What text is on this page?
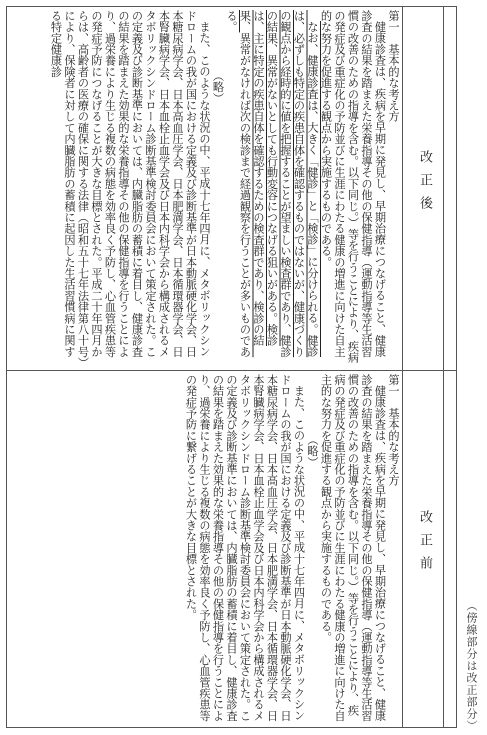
改正後
改正前
（傍線部分は改正部分）
第一　基本的な考え方
健康診査は、疾病を早期に発見し、早期治療につなげること、健康診査の結果を踏まえた栄養指導その他の保健指導（運動指導等生活習慣の改善のための指導を含む。以下同じ。）等を行うことにより、疾病の発症及び重症化の予防並びに生涯にわたる健康の増進に向けた自主的な努力を促進する観点から実施するものである。
なお、健康診査は、大きく「健診」と「検診」に分けられる。健診は、必ずしも特定の疾患自体を確認するものではないが、健康づくりの観点から経時的に値を把握することが望ましい検査群であり、健診の結果、異常がないとしても行動変容につなげる狙いがある。検診は、主に特定の疾患自体を確認するための検査群であり、検診の結果、異常がなければ次の検診まで経過観察を行うことが多いものである。
（略）
また、このような状況の中、平成十七年四月に、メタボリックシンドロームの我が国における定義及び診断基準が日本動脈硬化学会、日本糖尿病学会、日本高血圧学会、日本肥満学会、日本循環器学会、日本腎臓病学会、日本血栓止血学会及び日本内科学会から構成されるメタボリックシンドローム診断基準検討委員会において策定された。この定義及び診断基準においては、内臓脂肪の蓄積に着目し、健康診査の結果を踏まえた効果的な栄養指導その他の保健指導を行うことにより、過栄養により生じる複数の病態を効率良く予防し、心血管疾患等の発症予防につなげることが大きな目標とされた。平成二十年四月からは、高齢者の医療の確保に関する法律（昭和五十七年法律第八十号）により、保険者に対して内臓脂肪の蓄積に起因した生活習慣病に関する特定健康診
第一　基本的な考え方
健康診査は、疾病を早期に発見し、早期治療につなげること、健康診査の結果を踏まえた栄養指導その他の保健指導（運動指導等生活習慣の改善のための指導を含む。以下同じ。）等を行うことにより、疾病の発症及び重症化の予防並びに生涯にわたる健康の増進に向けた自主的な努力を促進する観点から実施するものである。
（略）
また、このような状況の中、平成十七年四月に、メタボリックシンドロームの我が国における定義及び診断基準が日本動脈硬化学会、日本糖尿病学会、日本高血圧学会、日本肥満学会、日本循環器学会、日本腎臓病学会、日本血栓止血学会及び日本内科学会から構成されるメタボリックシンドローム診断基準検討委員会において策定された。この定義及び診断基準においては、内臓脂肪の蓄積に着目し、健康診査の結果を踏まえた効果的な栄養指導その他の保健指導を行うことにより、過栄養により生じる複数の病態を効率良く予防し、心血管疾患等の発症予防に繋げることが大きな目標とされた。
